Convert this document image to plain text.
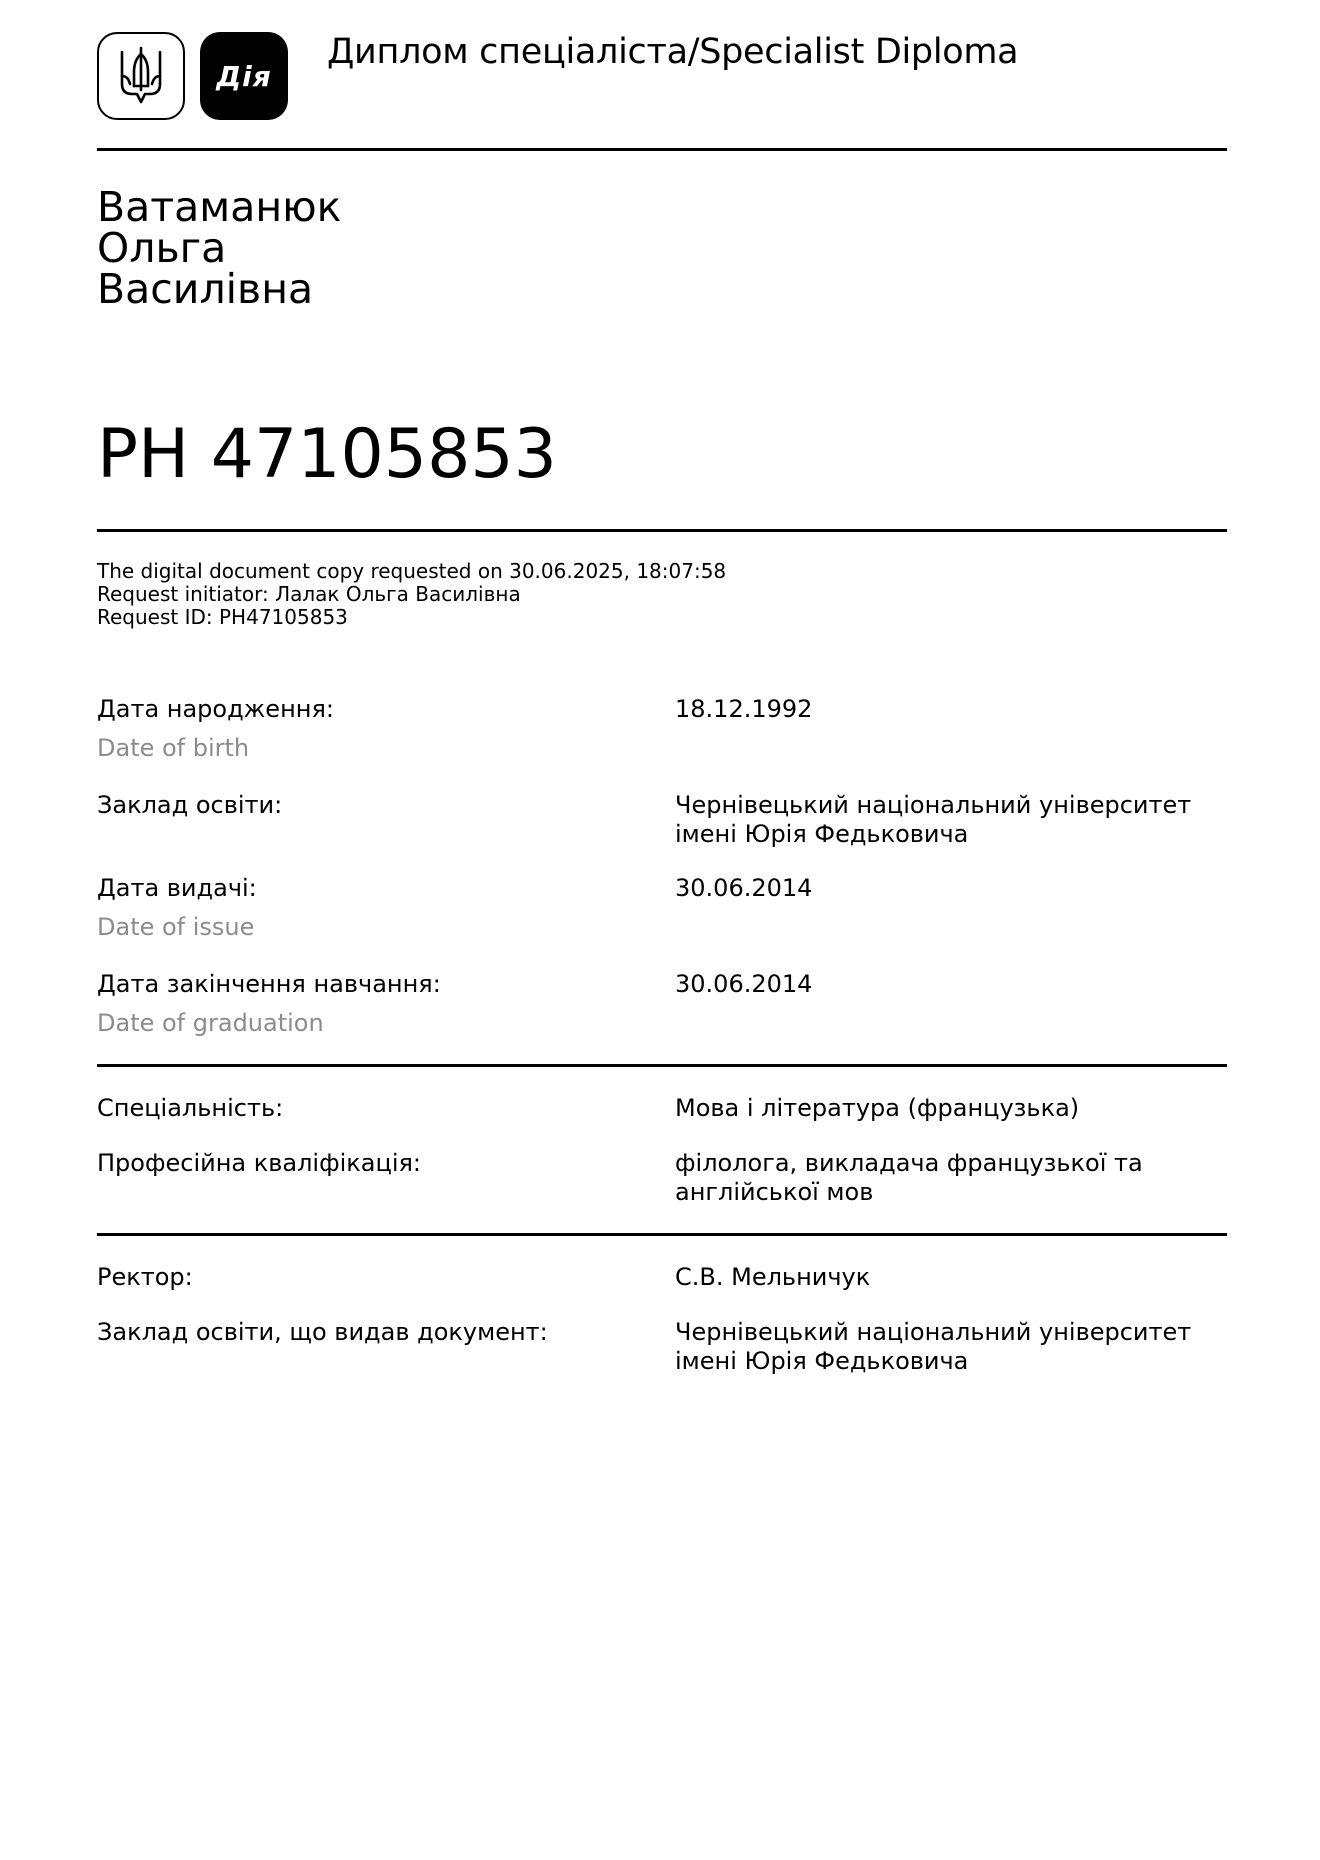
Дія
Диплом спеціаліста/Specialist Diploma
Ватаманюк
Ольга
Василівна
PH 47105853
The digital document copy requested on 30.06.2025, 18:07:58
Request initiator: Лалак Ольга Василівна
Request ID: PH47105853
Дата народження:
Date of birth
18.12.1992
Заклад освіти:	Чернівецький національний університет
імені Юрія Федьковича
Дата видачі:
Date of issue
30.06.2014
Дата закінчення навчання:
Date of graduation
30.06.2014
Спеціальність:	Мова і література (французька)
Професійна кваліфікація:	філолога, викладача французької та
англійської мов
Ректор:	С.В. Мельничук
Заклад освіти, що видав документ:	Чернівецький національний університет
імені Юрія Федьковича
